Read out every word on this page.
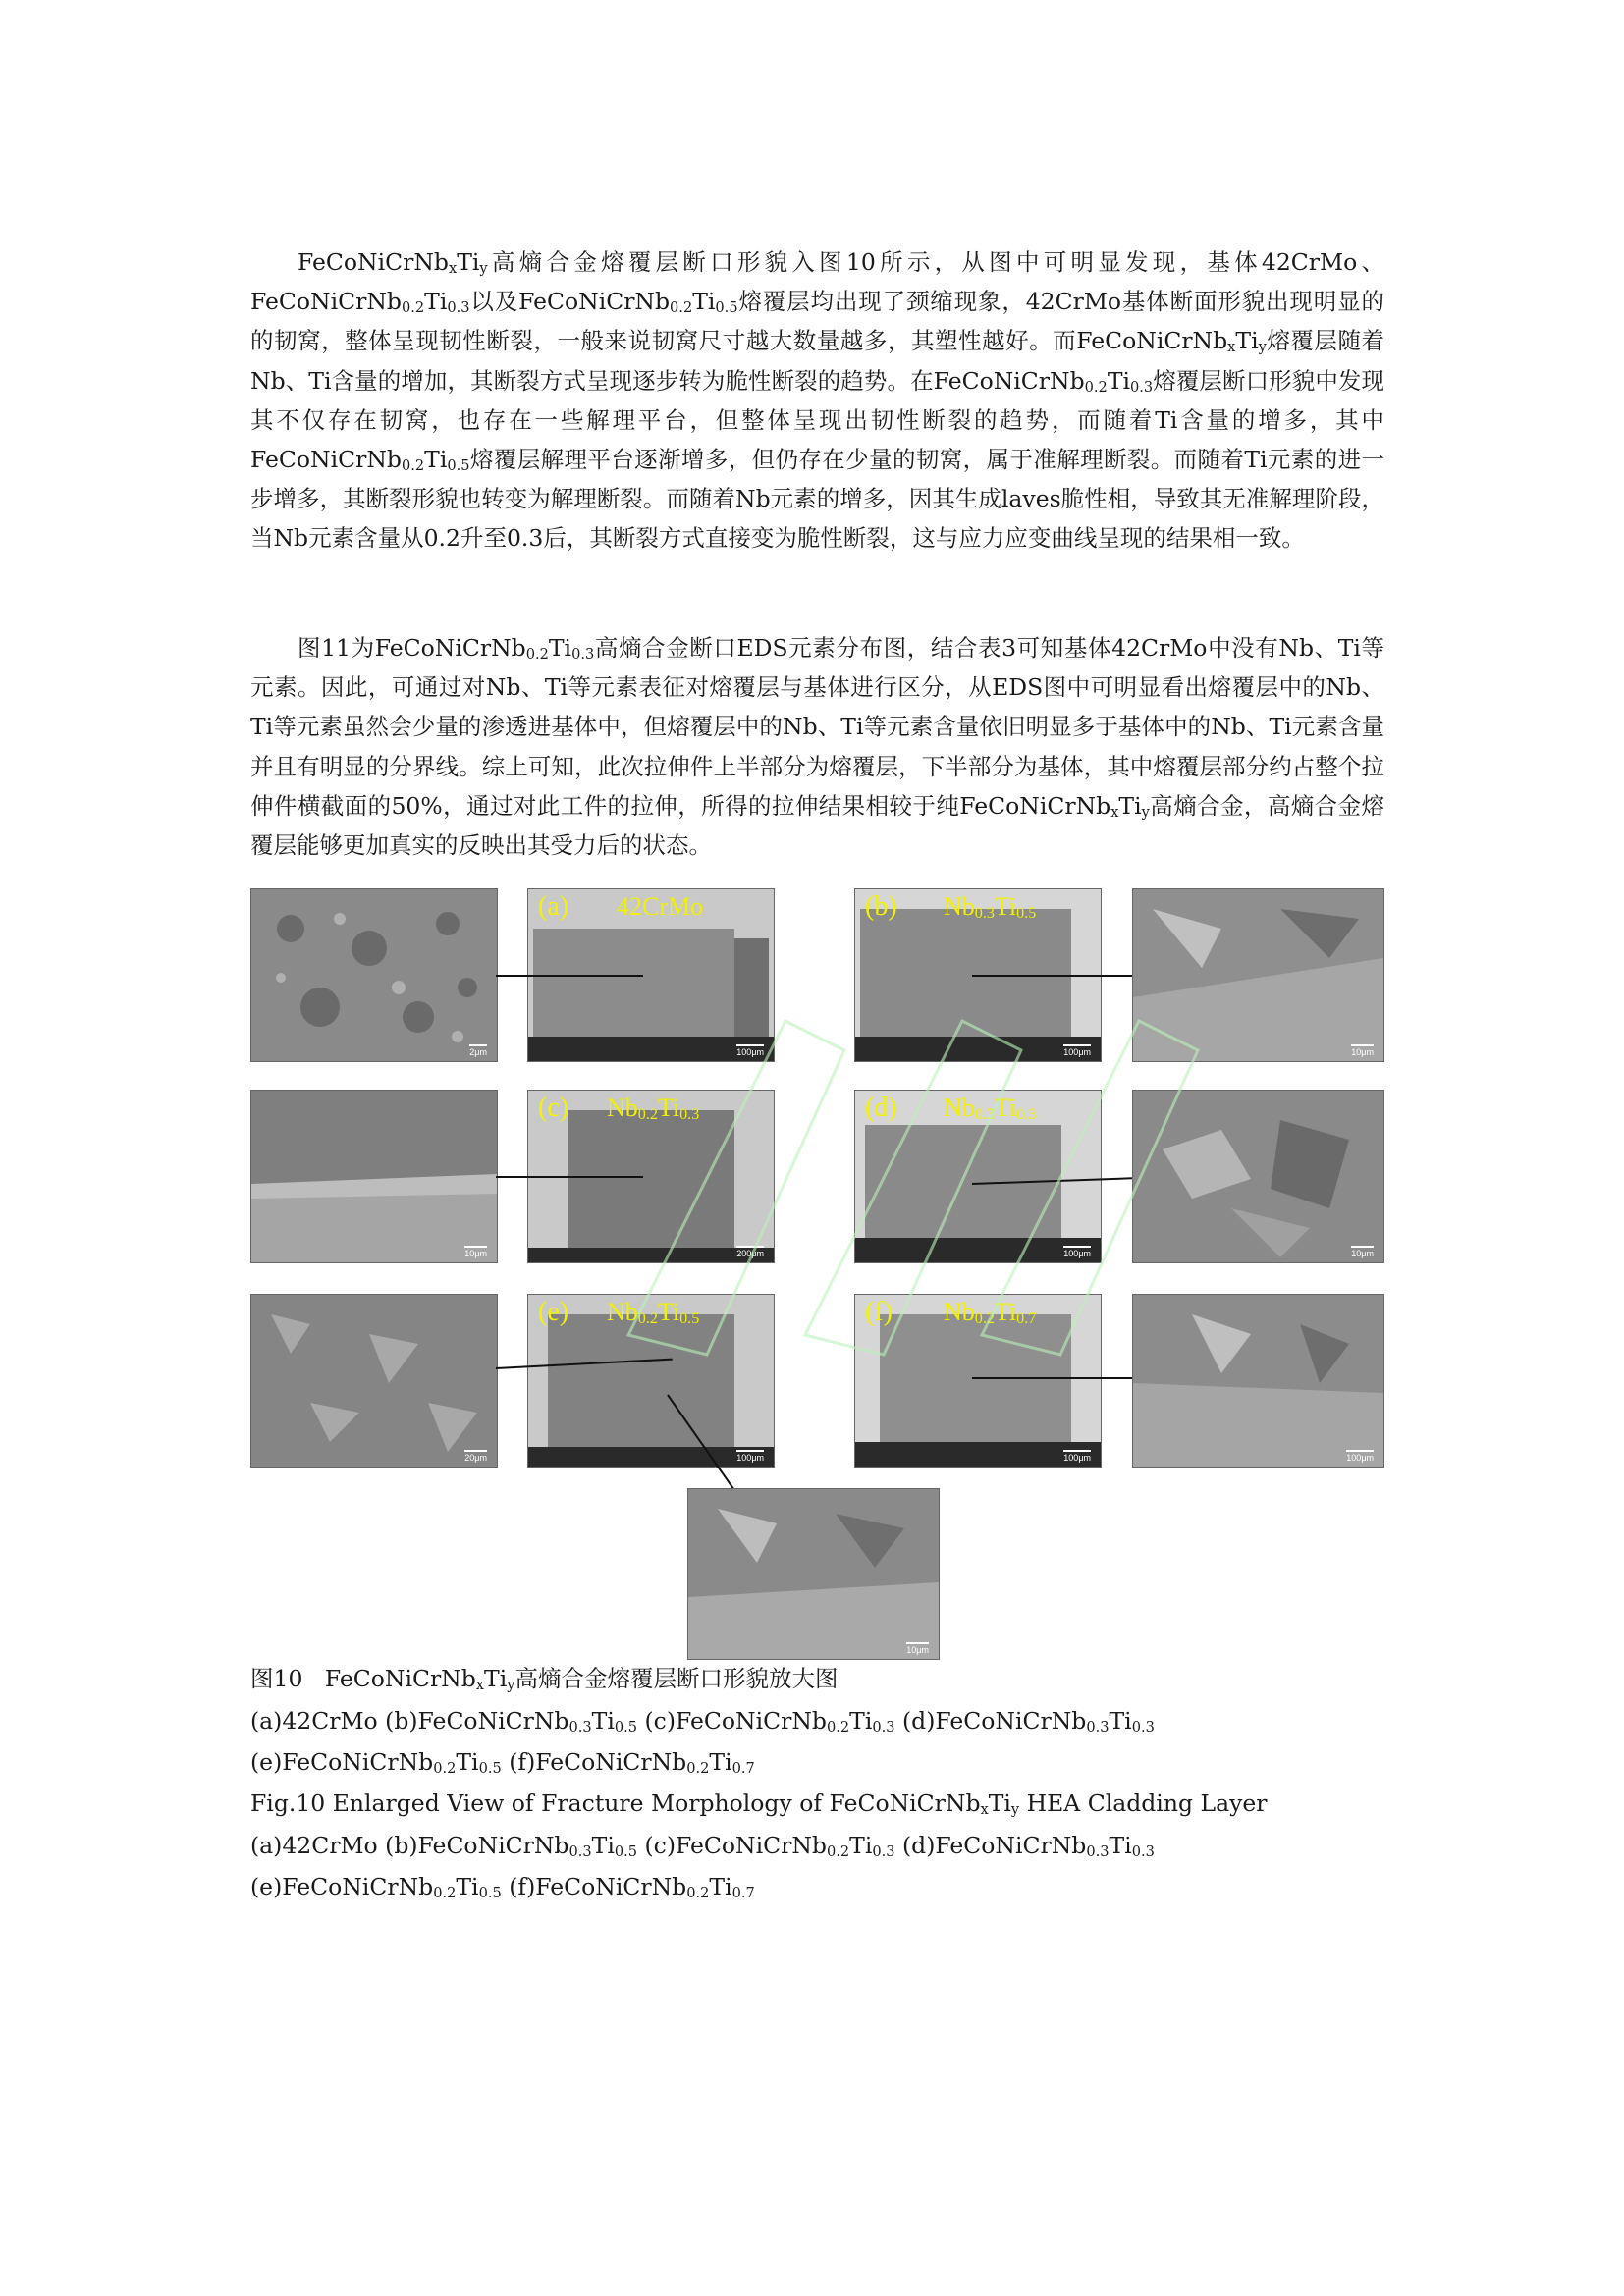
$FeCoNiCrNb_xTi_y$高熵合金熔覆层断口形貌入图10所示，从图中可明显发现，基体42CrMo、$FeCoNiCrNb_{0.2}Ti_{0.3}$以及$FeCoNiCrNb_{0.2}Ti_{0.5}$熔覆层均出现了颈缩现象，42CrMo基体断面形貌出现明显的的韧窝，整体呈现韧性断裂，一般来说韧窝尺寸越大数量越多，其塑性越好。而$FeCoNiCrNb_xTi_y$熔覆层随着Nb、Ti含量的增加，其断裂方式呈现逐步转为脆性断裂的趋势。在$FeCoNiCrNb_{0.2}Ti_{0.3}$熔覆层断口形貌中发现其不仅存在韧窝，也存在一些解理平台，但整体呈现出韧性断裂的趋势，而随着Ti含量的增多，其中$FeCoNiCrNb_{0.2}Ti_{0.5}$熔覆层解理平台逐渐增多，但仍存在少量的韧窝，属于准解理断裂。而随着Ti元素的进一步增多，其断裂形貌也转变为解理断裂。而随着Nb元素的增多，因其生成laves脆性相，导致其无准解理阶段，当Nb元素含量从0.2升至0.3后，其断裂方式直接变为脆性断裂，这与应力应变曲线呈现的结果相一致。

图11为$FeCoNiCrNb_{0.2}Ti_{0.3}$高熵合金断口EDS元素分布图，结合表3可知基体42CrMo中没有Nb、Ti等元素。因此，可通过对Nb、Ti等元素表征对熔覆层与基体进行区分，从EDS图中可明显看出熔覆层中的Nb、Ti等元素虽然会少量的渗透进基体中，但熔覆层中的Nb、Ti等元素含量依旧明显多于基体中的Nb、Ti元素含量并且有明显的分界线。综上可知，此次拉伸件上半部分为熔覆层，下半部分为基体，其中熔覆层部分约占整个拉伸件横截面的50%，通过对此工件的拉伸，所得的拉伸结果相较于纯$FeCoNiCrNb_xTi_y$高熵合金，高熵合金熔覆层能够更加真实的反映出其受力后的状态。

2μm
(a) 42CrMo
100μm
(b) $Nb_{0.3}Ti_{0.5}$
100μm	10μm
10μm
(c) $Nb_{0.2}Ti_{0.3}$
200μm
(d) $Nb_{0.3}Ti_{0.3}$
100μm	10μm
20μm
(e) $Nb_{0.2}Ti_{0.5}$
100μm
(f) $Nb_{0.2}Ti_{0.7}$
100μm	100μm
10μm
图10 $FeCoNiCrNb_xTi_y$高熵合金熔覆层断口形貌放大图
(a)42CrMo $(b)FeCoNiCrNb_{0.3}Ti_{0.5}$ $(c)FeCoNiCrNb_{0.2}Ti_{0.3}$ $(d)FeCoNiCrNb_{0.3}Ti_{0.3}$
$(e)FeCoNiCrNb_{0.2}Ti_{0.5}$ $(f)FeCoNiCrNb_{0.2}Ti_{0.7}$
Fig.10 Enlarged View of Fracture Morphology of $FeCoNiCrNb_xTi_y$ HEA Cladding Layer
(a)42CrMo $(b)FeCoNiCrNb_{0.3}Ti_{0.5}$ $(c)FeCoNiCrNb_{0.2}Ti_{0.3}$ $(d)FeCoNiCrNb_{0.3}Ti_{0.3}$
$(e)FeCoNiCrNb_{0.2}Ti_{0.5}$ $(f)FeCoNiCrNb_{0.2}Ti_{0.7}$
